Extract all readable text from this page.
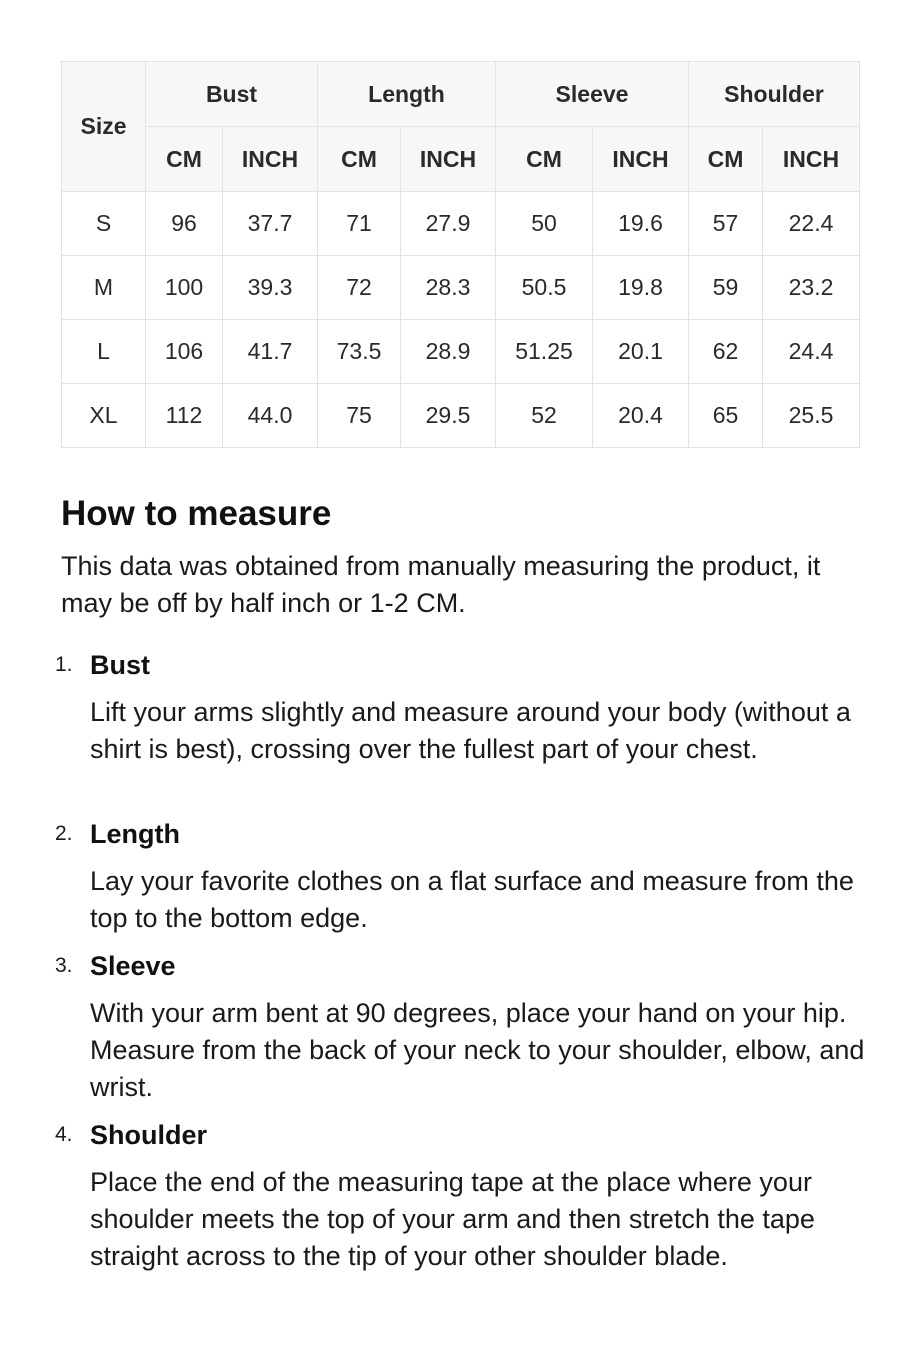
Size	Bust		Length		Sleeve		Shoulder	
	CM	INCH	CM	INCH	CM	INCH	CM	INCH
S	96	37.7	71	27.9	50	19.6	57	22.4
M	100	39.3	72	28.3	50.5	19.8	59	23.2
L	106	41.7	73.5	28.9	51.25	20.1	62	24.4
XL	112	44.0	75	29.5	52	20.4	65	25.5
How to measure

This data was obtained from manually measuring the product, it may be off by half inch or 1-2 CM.

1. Bust

Lift your arms slightly and measure around your body (without a shirt is best), crossing over the fullest part of your chest.

2. Length

Lay your favorite clothes on a flat surface and measure from the top to the bottom edge.

3. Sleeve

With your arm bent at 90 degrees, place your hand on your hip. Measure from the back of your neck to your shoulder, elbow, and wrist.

4. Shoulder

Place the end of the measuring tape at the place where your shoulder meets the top of your arm and then stretch the tape straight across to the tip of your other shoulder blade.
